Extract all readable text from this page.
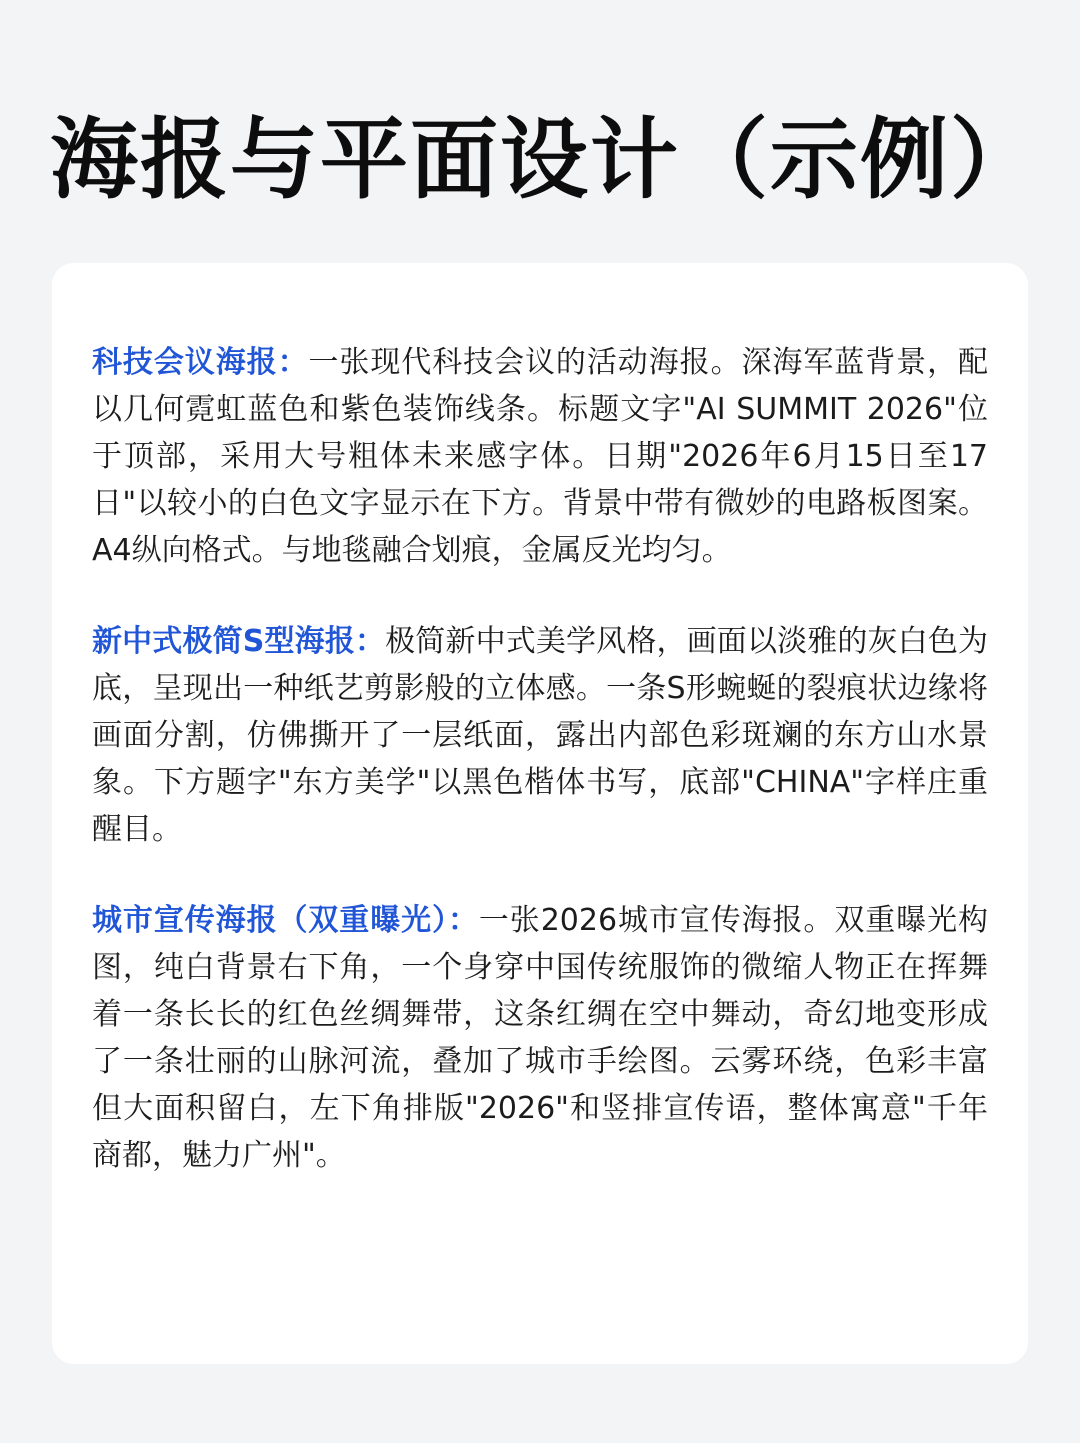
海报与平面设计（示例）

科技会议海报：一张现代科技会议的活动海报。深海军蓝背景，配以几何霓虹蓝色和紫色装饰线条。标题文字"AI SUMMIT 2026"位于顶部，采用大号粗体未来感字体。日期"2026年6月15日至17日"以较小的白色文字显示在下方。背景中带有微妙的电路板图案。A4纵向格式。与地毯融合划痕，金属反光均匀。

新中式极简S型海报：极简新中式美学风格，画面以淡雅的灰白色为底，呈现出一种纸艺剪影般的立体感。一条S形蜿蜒的裂痕状边缘将画面分割，仿佛撕开了一层纸面，露出内部色彩斑斓的东方山水景象。下方题字"东方美学"以黑色楷体书写，底部"CHINA"字样庄重醒目。

城市宣传海报（双重曝光）：一张2026城市宣传海报。双重曝光构图，纯白背景右下角，一个身穿中国传统服饰的微缩人物正在挥舞着一条长长的红色丝绸舞带，这条红绸在空中舞动，奇幻地变形成了一条壮丽的山脉河流，叠加了城市手绘图。云雾环绕，色彩丰富但大面积留白，左下角排版"2026"和竖排宣传语，整体寓意"千年商都，魅力广州"。
